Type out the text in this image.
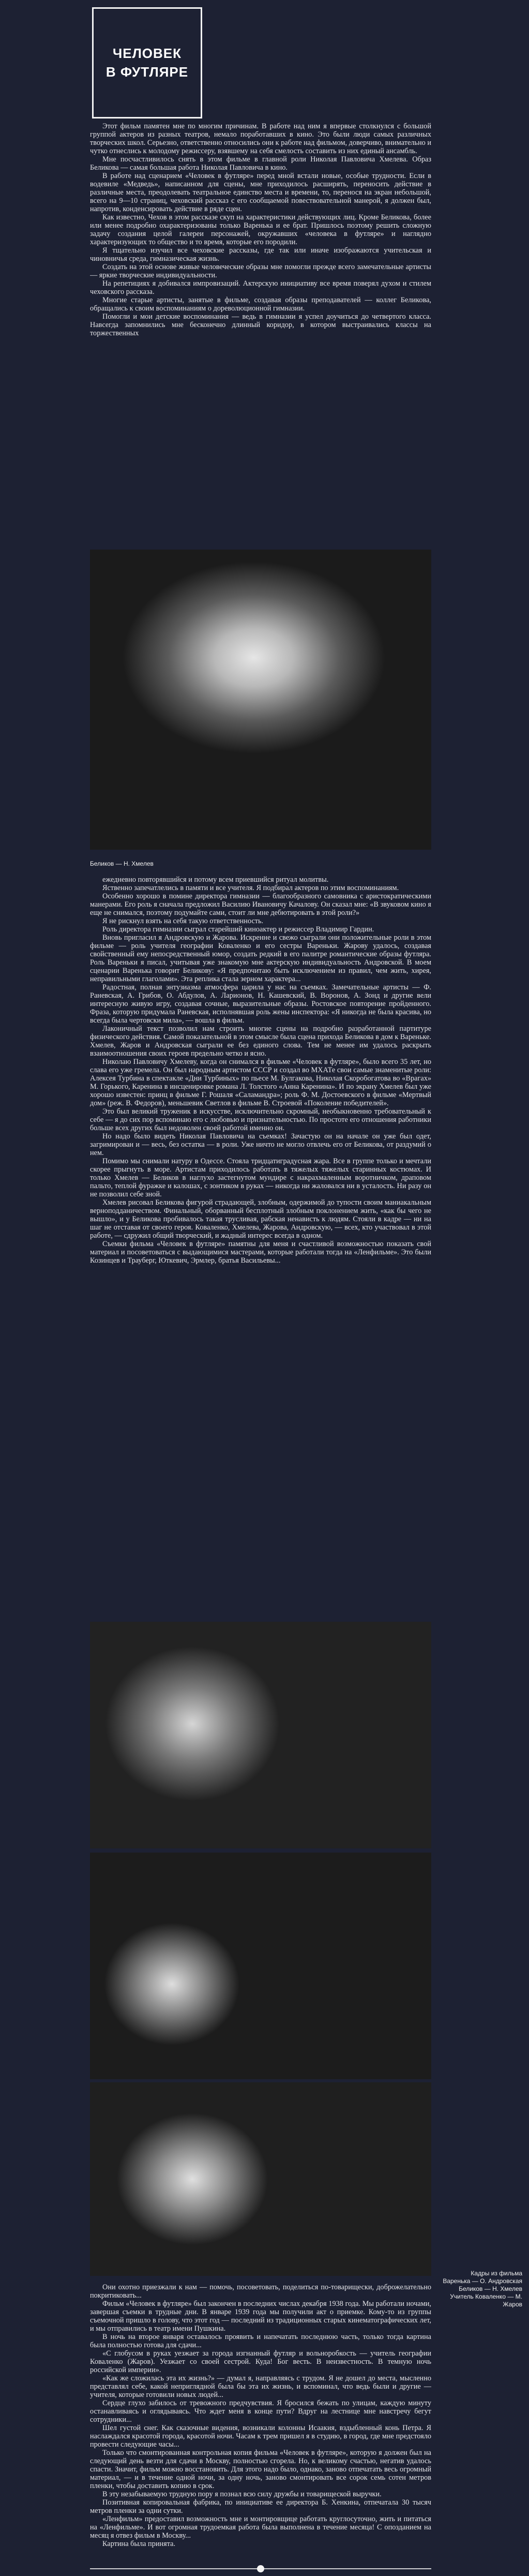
ЧЕЛОВЕК
В ФУТЛЯРЕ

Этот фильм памятен мне по многим причинам. В работе над ним я впервые столкнулся с большой группой актеров из разных театров, немало поработавших в кино. Это были люди самых различных творческих школ. Серьезно, ответственно относились они к работе над фильмом, доверчиво, внимательно и чутко отнеслись к молодому режиссеру, взявшему на себя смелость составить из них единый ансамбль.

Мне посчастливилось снять в этом фильме в главной роли Николая Павловича Хмелева. Образ Беликова — самая большая работа Николая Павловича в кино.

В работе над сценарием «Человек в футляре» перед мной встали новые, особые трудности. Если в водевиле «Медведь», написанном для сцены, мне приходилось расширять, переносить действие в различные места, преодолевать театральное единство места и времени, то, перенося на экран небольшой, всего на 9—10 страниц, чеховский рассказ с его сообщаемой повествовательной манерой, я должен был, напротив, конденсировать действие в ряде сцен.

Как известно, Чехов в этом рассказе скуп на характеристики действующих лиц. Кроме Беликова, более или менее подробно охарактеризованы только Варенька и ее брат. Пришлось поэтому решить сложную задачу создания целой галереи персонажей, окружавших «человека в футляре» и наглядно характеризующих то общество и то время, которые его породили.

Я тщательно изучил все чеховские рассказы, где так или иначе изображаются учительская и чиновничья среда, гимназическая жизнь.

Создать на этой основе живые человеческие образы мне помогли прежде всего замечательные артисты — яркие творческие индивидуальности.

На репетициях я добивался импровизаций. Актерскую инициативу все время поверял духом и стилем чеховского рассказа.

Многие старые артисты, занятые в фильме, создавая образы преподавателей — коллег Беликова, обращались к своим воспоминаниям о дореволюционной гимназии.

Помогли и мои детские воспоминания — ведь в гимназии я успел доучиться до четвертого класса. Навсегда запомнились мне бесконечно длинный коридор, в котором выстраивались классы на торжественных

Беликов — Н. Хмелев

ежедневно повторявшийся и потому всем приевшийся ритуал молитвы.

Яственно запечатлелись в памяти и все учителя. Я подбирал актеров по этим воспоминаниям.

Особенно хорошо в помине директора гимназии — благообразного самовника с аристократическими манерами. Его роль я сначала предложил Василию Ивановичу Качалову. Он сказал мне: «В звуковом кино я еще не снимался, поэтому подумайте сами, стоит ли мне дебютировать в этой роли?»

Я не рискнул взять на себя такую ответственность.

Роль директора гимназии сыграл старейший кинoактер и режиссер Владимир Гардин.

Вновь пригласил я Андровскую и Жарова. Искренне и свежо сыграли они положительные роли в этом фильме — роль учителя географии Коваленко и его сестры Вареньки. Жарову удалось, создавая свойственный ему непосредственный юмор, создать редкий в его палитре романтические образы футляра. Роль Вареньки я писал, учитывая уже знакомую мне актерскую индивидуальность Андровской. В моем сценарии Варенька говорит Беликову: «Я предпочитаю быть исключением из правил, чем жить, хирея, неправильными глаголами». Эта реплика стала зерном характера...

Радостная, полная энтузиазма атмосфера царила у нас на съемках. Замечательные артисты — Ф. Раневская, А. Грибов, О. Абдулов, А. Ларионов, Н. Кашевский, В. Воронов, А. Зонд и другие вели интересную живую игру, создавая сочные, выразительные образы. Ростовское повторение пройденного. Фраза, которую придумала Раневская, исполнявшая роль жены инспектора: «Я никогда не была красива, но всегда была чертовски мила», — вошла в фильм.

Лаконичный текст позволил нам строить многие сцены на подробно разработанной партитуре физического действия. Самой показательной в этом смысле была сцена прихода Беликова в дом к Вареньке. Хмелев, Жаров и Андровская сыграли ее без единого слова. Тем не менее им удалось раскрыть взаимоотношения своих героев предельно четко и ясно.

Николаю Павловичу Хмелеву, когда он снимался в фильме «Человек в футляре», было всего 35 лет, но слава его уже гремела. Он был народным артистом СССР и создал во МХАТе свои самые знаменитые роли: Алексея Турбина в спектакле «Дни Турбиных» по пьесе М. Булгакова, Николая Скоробогатова во «Врагах» М. Горького, Каренина в инсценировке романа Л. Толстого «Анна Каренина». И по экрану Хмелев был уже хорошо известен: принц в фильме Г. Рошаля «Саламандра»; роль Ф. М. Достоевского в фильме «Мертвый дом» (реж. В. Федоров), меньшевик Светлов в фильме В. Строевой «Поколение победителей».

Это был великий труженик в искусстве, исключительно скромный, необыкновенно требовательный к себе — я до сих пор вспоминаю его с любовью и признательностью. По простоте его отношения работники больше всех других был недоволен своей работой именно он.

Но надо было видеть Николая Павловича на съемках! Зачастую он на начале он уже был одет, загримирован и — весь, без остатка — в роли. Уже ничто не могло отвлечь его от Беликова, от раздумий о нем.

Помимо мы снимали натуру в Одессе. Стояла тридцатиградусная жара. Все в группе только и мечтали скорее прыгнуть в море. Артистам приходилось работать в тяжелых тяжелых старинных костюмах. И только Хмелев — Беликов в наглухо застегнутом мундире с накрахмаленным воротничком, драповом пальто, теплой фуражке и калошах, с зонтиком в руках — никогда ни жаловался ни в усталость. Ни разу он не позволил себе зной.

Хмелев рисовал Беликова фигурой страдающей, злобным, одержимой до тупости своим маниакальным верноподданичеством. Финальный, оборванный бесплотный злобным поклонением жить, «как бы чего не вышло», и у Беликова пробивалось такая трусливая, рабская ненависть к людям. Стояли в кадре — ни на шаг не отставая от своего героя. Коваленко, Хмелева, Жарова, Андровскую, — всех, кто участвовал в этой работе, — сдружил общий творческий, и жадный интерес всегда в одном.

Съемки фильма «Человек в футляре» памятны для меня и счастливой возможностью показать свой материал и посоветоваться с выдающимися мастерами, которые работали тогда на «Ленфильме». Это были Козинцев и Трауберг, Юткевич, Эрмлер, братья Васильевы...

Кадры из фильма
Варенька — О. Андровская
Беликов — Н. Хмелев
Учитель Коваленко — М. Жаров

Они охотно приезжали к нам — помочь, посоветовать, поделиться по-товарищески, доброжелательно покритиковать...

Фильм «Человек в футляре» был закончен в последних числах декабря 1938 года. Мы работали ночами, завершая съемки в трудные дни. В январе 1939 года мы получили акт о приемке. Кому-то из группы съемочной пришло в голову, что этот год — последний из традиционных старых кинематографических лет, и мы отправились в театр имени Пушкина.

В ночь на второе января оставалось проявить и напечатать последнюю часть, только тогда картина была полностью готова для сдачи...

«С глобусом в руках уезжает за города изгнанный футляр и вольноробкость — учитель географии Коваленко (Жаров). Уезжает со своей сестрой. Куда! Бог весть. В неизвестность. В темную ночь российской империи».

«Как же сложилась эта их жизнь?» — думал я, направляясь с трудом. Я не дошел до места, мысленно представлял себе, какой неприглядной была бы эта их жизнь, и вспоминал, что ведь были и другие — учителя, которые готовили новых людей...

Сердце глухо забилось от тревожного предчувствия. Я бросился бежать по улицам, каждую минуту останавливаясь и оглядываясь. Что ждет меня в конце пути? Вдруг на лестнице мне навстречу бегут сотрудники...

Шел густой снег. Как сказочные видения, возникали колонны Исаакия, вздыбленный конь Петра. Я наслаждался красотой города, красотой ночи. Часам к трем пришел я в студию, в город, где мне предстояло провести следующие часы...

Только что смонтированная контрольная копия фильма «Человек в футляре», которую я должен был на следующий день везти для сдачи в Москву, полностью сгорела. Но, к великому счастью, негатив удалось спасти. Значит, фильм можно восстановить. Для этого надо было, однако, заново отпечатать весь огромный материал, — и в течение одной ночи, за одну ночь, заново смонтировать все сорок семь сотен метров пленки, чтобы доставить копию в срок.

В эту незабываемую трудную пору я познал всю силу дружбы и товарищеской выручки.

Позитивная копировальная фабрика, по инициативе ее директора Б. Хенкина, отпечатала 30 тысяч метров пленки за одни сутки.

«Ленфильм» предоставил возможность мне и монтировщице работать круглосуточно, жить и питаться на «Ленфильме». И вот огромная трудоемкая работа была выполнена в течение месяца! С опозданием на месяц я отвез фильм в Москву...

Картина была принята.
